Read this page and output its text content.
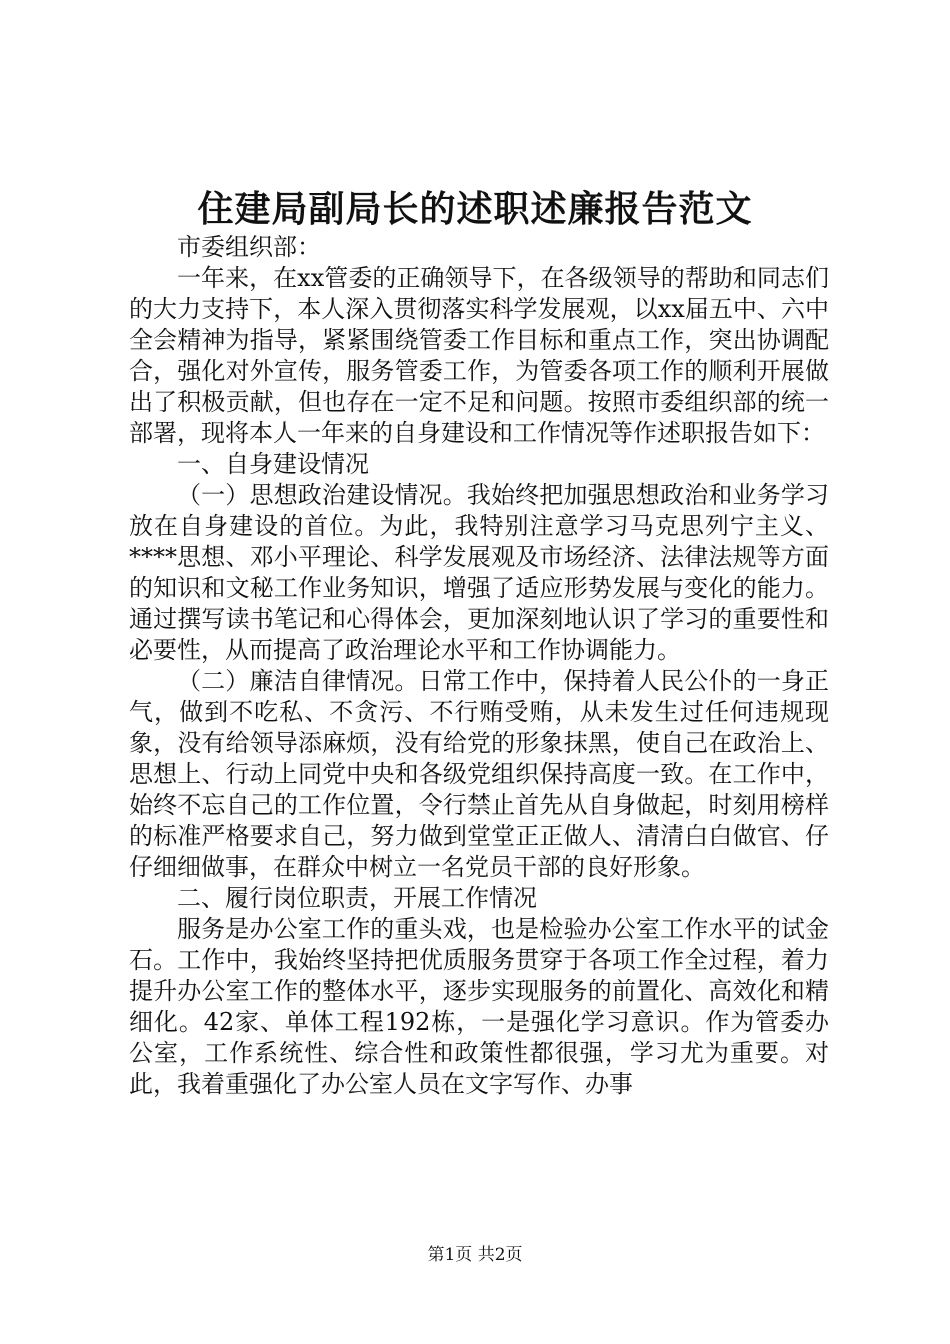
住建局副局长的述职述廉报告范文

市委组织部：

一年来，在xx管委的正确领导下，在各级领导的帮助和同志们的大力支持下，本人深入贯彻落实科学发展观，以xx届五中、六中全会精神为指导，紧紧围绕管委工作目标和重点工作，突出协调配合，强化对外宣传，服务管委工作，为管委各项工作的顺利开展做出了积极贡献，但也存在一定不足和问题。按照市委组织部的统一部署，现将本人一年来的自身建设和工作情况等作述职报告如下：

一、自身建设情况

（一）思想政治建设情况。我始终把加强思想政治和业务学习放在自身建设的首位。为此，我特别注意学习马克思列宁主义、****思想、邓小平理论、科学发展观及市场经济、法律法规等方面的知识和文秘工作业务知识，增强了适应形势发展与变化的能力。通过撰写读书笔记和心得体会，更加深刻地认识了学习的重要性和必要性，从而提高了政治理论水平和工作协调能力。

（二）廉洁自律情况。日常工作中，保持着人民公仆的一身正气，做到不吃私、不贪污、不行贿受贿，从未发生过任何违规现象，没有给领导添麻烦，没有给党的形象抹黑，使自己在政治上、思想上、行动上同党中央和各级党组织保持高度一致。在工作中，始终不忘自己的工作位置，令行禁止首先从自身做起，时刻用榜样的标准严格要求自己，努力做到堂堂正正做人、清清白白做官、仔仔细细做事，在群众中树立一名党员干部的良好形象。

二、履行岗位职责，开展工作情况

服务是办公室工作的重头戏，也是检验办公室工作水平的试金石。工作中，我始终坚持把优质服务贯穿于各项工作全过程，着力提升办公室工作的整体水平，逐步实现服务的前置化、高效化和精细化。42家、单体工程192栋，一是强化学习意识。作为管委办公室，工作系统性、综合性和政策性都很强，学习尤为重要。对此，我着重强化了办公室人员在文字写作、办事

第1页 共2页
